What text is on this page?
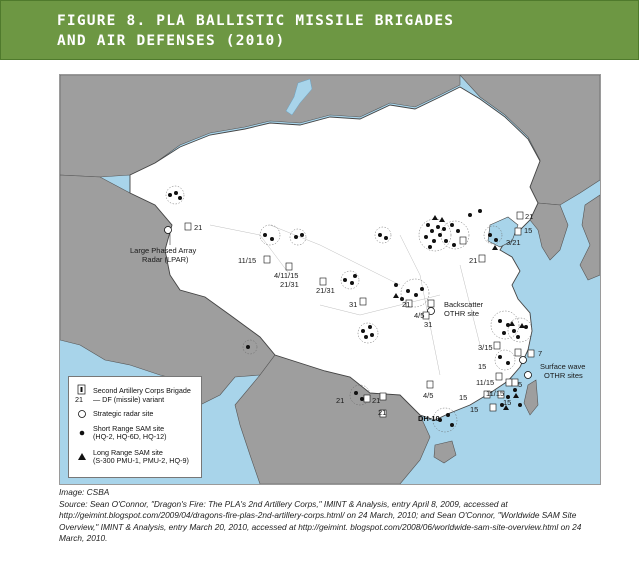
FIGURE 8. PLA BALLISTIC MISSILE BRIGADES
AND AIR DEFENSES (2010)
21
11/15
4/11/15
21/31
21/31
21
15
3/21
21
31	21
4/5
31
3/15
15
7
21	21
21
4/5
11/15
11/15
15
15
15
5
Large Phased Array
Radar (LPAR)
Backscatter
OTHR site
Surface wave
OTHR sites
DH-10
Second Artillery Corps Brigade
21 — DF (missile) variant
Strategic radar site
Short Range SAM site
(HQ-2, HQ-6D, HQ-12)
Long Range SAM site
(S-300 PMU-1, PMU-2, HQ-9)
Image: CSBA
Source: Sean O'Connor, "Dragon's Fire: The PLA's 2nd Artillery Corps," IMINT & Analysis, entry April 8, 2009, accessed at http://geimint.blogspot.com/2009/04/dragons-fire-plas-2nd-artillery-corps.html/ on 24 March, 2010; and Sean O'Connor, "Worldwide SAM Site Overview," IMINT & Analysis, entry March 20, 2010, accessed at http://geimint. blogspot.com/2008/06/worldwide-sam-site-overview.html on 24 March, 2010.
